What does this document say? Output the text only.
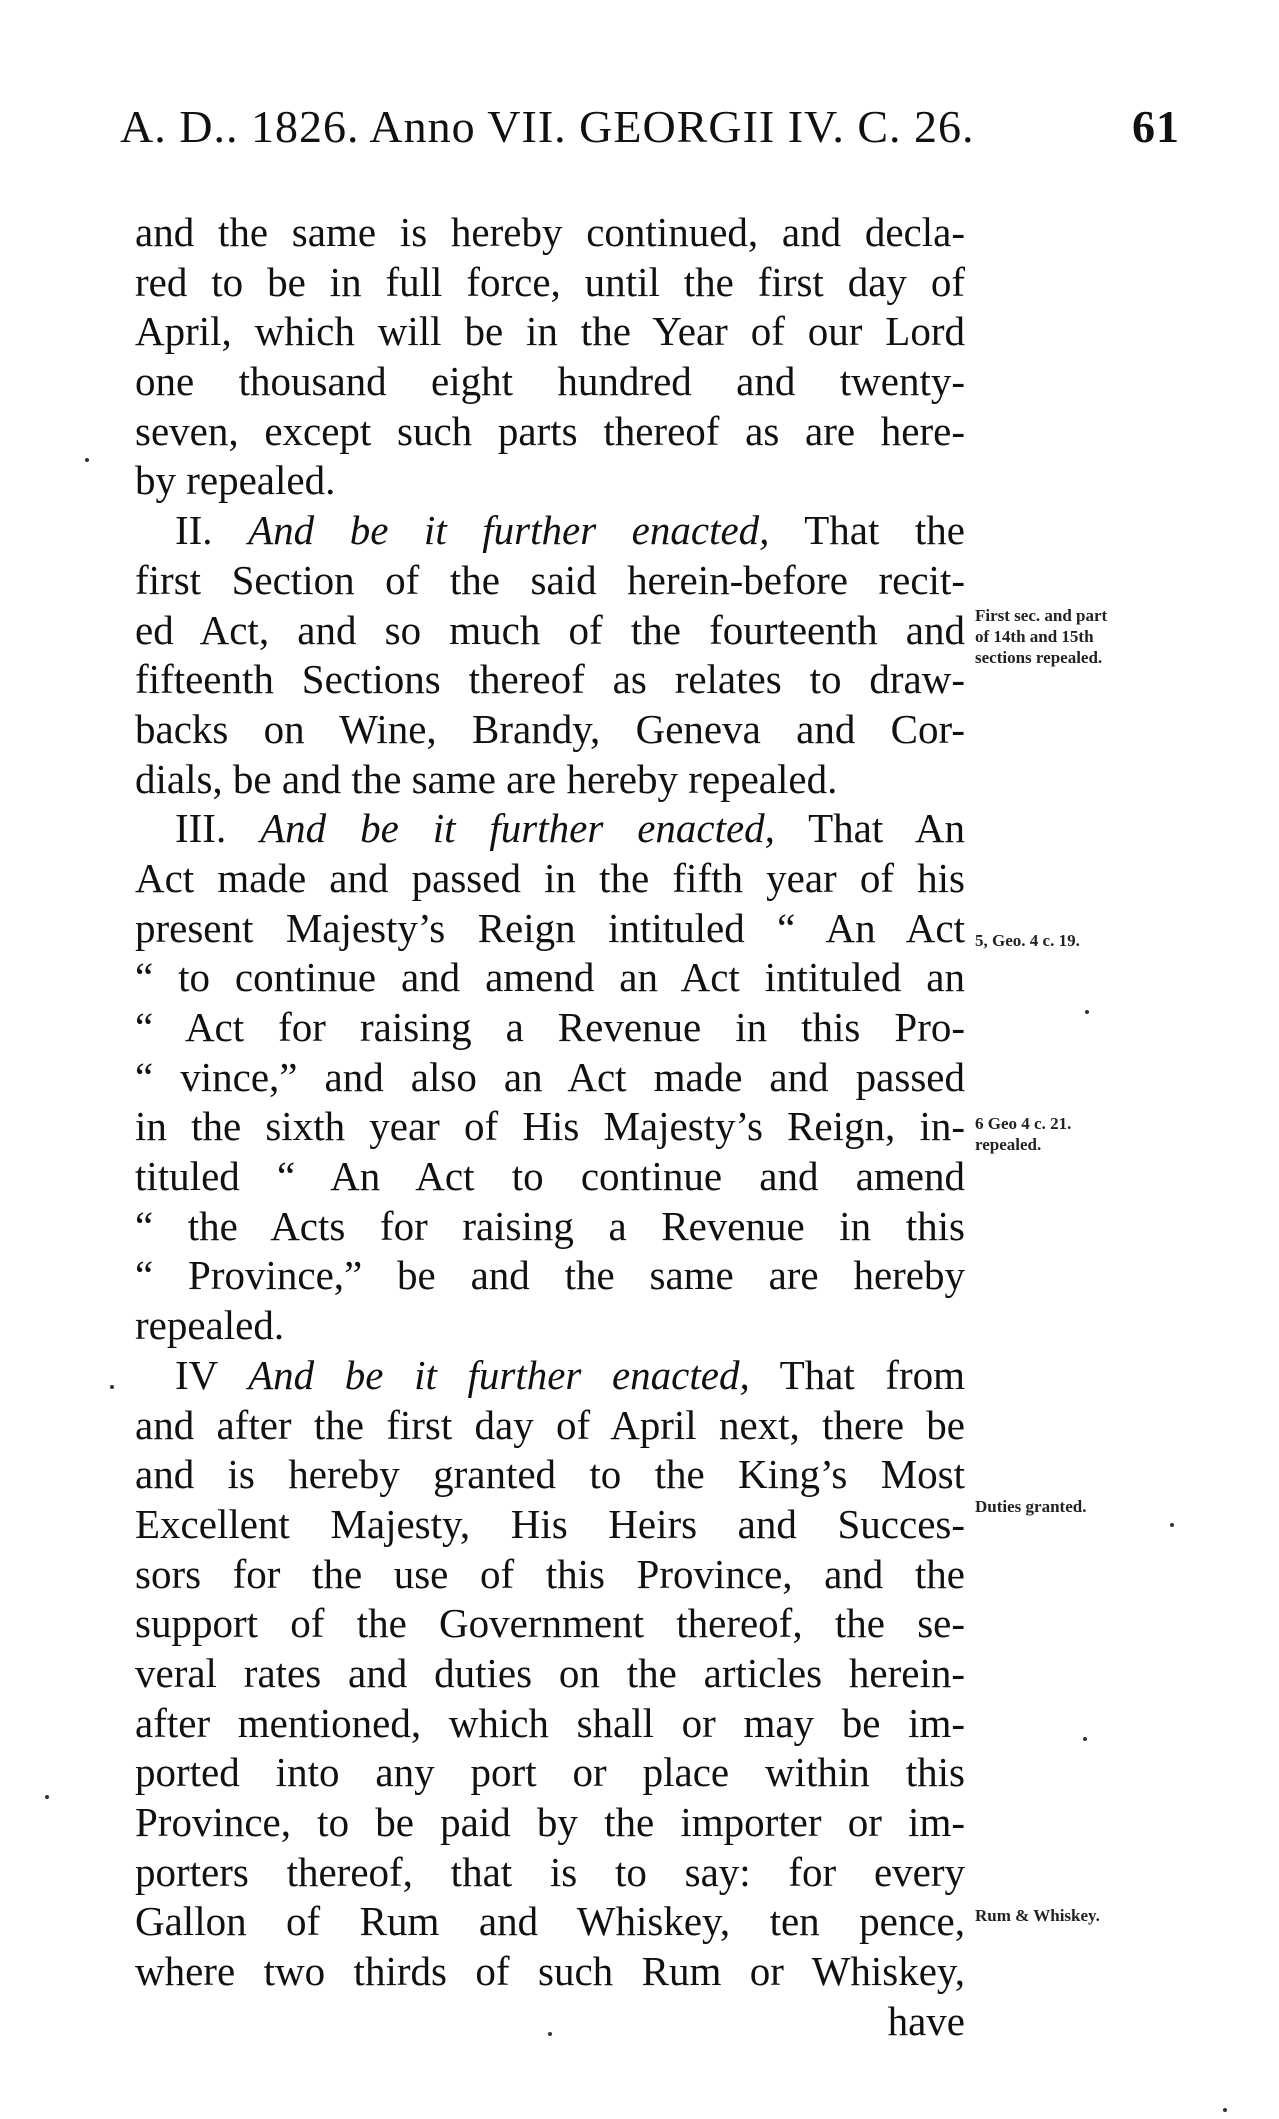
A. D.. 1826. Anno VII. GEORGII IV. C. 26.	61
and the same is hereby continued, and decla-
red to be in full force, until the first day of
April, which will be in the Year of our Lord
one thousand eight hundred and twenty-
seven, except such parts thereof as are here-
by repealed.
II. And be it further enacted, That the
first Section of the said herein-before recit-
ed Act, and so much of the fourteenth and
fifteenth Sections thereof as relates to draw-
backs on Wine, Brandy, Geneva and Cor-
dials, be and the same are hereby repealed.
III. And be it further enacted, That An
Act made and passed in the fifth year of his
present Majesty’s Reign intituled “ An Act
“ to continue and amend an Act intituled an
“ Act for raising a Revenue in this Pro-
“ vince,” and also an Act made and passed
in the sixth year of His Majesty’s Reign, in-
tituled “ An Act to continue and amend
“ the Acts for raising a Revenue in this
“ Province,” be and the same are hereby
repealed.
IV And be it further enacted, That from
and after the first day of April next, there be
and is hereby granted to the King’s Most
Excellent Majesty, His Heirs and Succes-
sors for the use of this Province, and the
support of the Government thereof, the se-
veral rates and duties on the articles herein-
after mentioned, which shall or may be im-
ported into any port or place within this
Province, to be paid by the importer or im-
porters thereof, that is to say: for every
Gallon of Rum and Whiskey, ten pence,
where two thirds of such Rum or Whiskey,
have
First sec. and part
of 14th and 15th
sections repealed.
5, Geo. 4 c. 19.
6 Geo 4 c. 21.
repealed.
Duties granted.
Rum & Whiskey.
